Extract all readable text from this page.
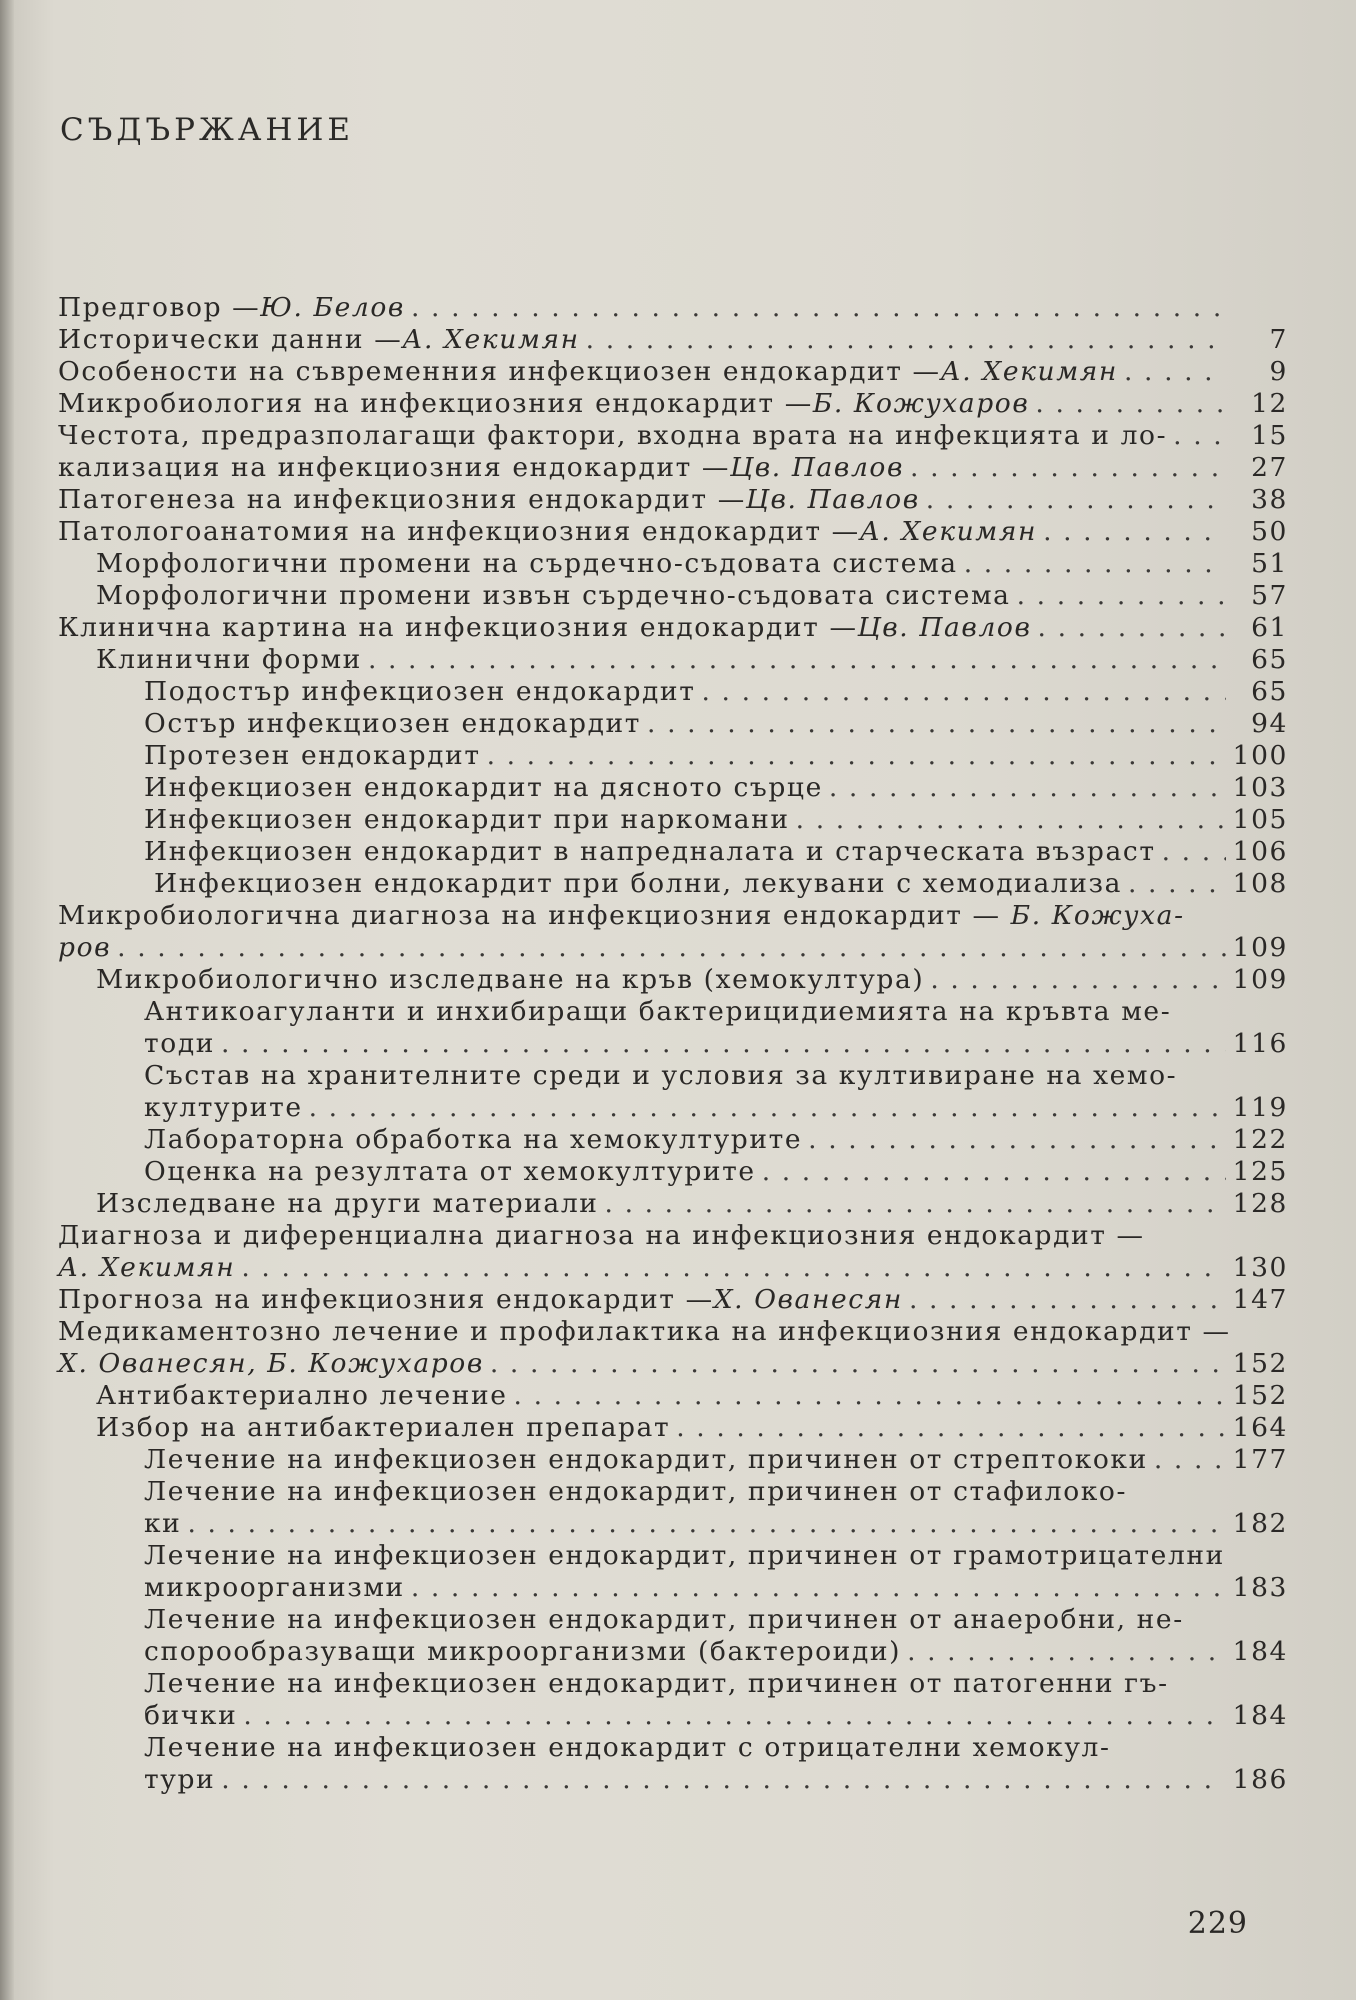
СЪДЪРЖАНИЕ
Предговор — Ю. Белов
. . .
Исторически данни — А. Хекимян . . .	7
Особености на съвременния инфекциозен ендокардит — А. Хекимян . . .	9
Микробиология на инфекциозния ендокардит — Б. Кожухаров . . .	12
Честота, предразполагащи фактори, входна врата на инфекцията и ло- . . .	15
кализация на инфекциозния ендокардит — Цв. Павлов . . .	27
Патогенеза на инфекциозния ендокардит — Цв. Павлов . . .	38
Патологоанатомия на инфекциозния ендокардит — А. Хекимян . . .	50
Морфологични промени на сърдечно-съдовата система . . .	51
Морфологични промени извън сърдечно-съдовата система . . .	57
Клинична картина на инфекциозния ендокардит — Цв. Павлов . . .	61
Клинични форми . . .	65
Подостър инфекциозен ендокардит . . .	65
Остър инфекциозен ендокардит . . .	94
Протезен ендокардит . . .	100
Инфекциозен ендокардит на дясното сърце . . .	103
Инфекциозен ендокардит при наркомани . . .	105
Инфекциозен ендокардит в напредналата и старческата възраст . . .	106
Инфекциозен ендокардит при болни, лекувани с хемодиализа . . .	108
Микробиологична диагноза на инфекциозния ендокардит — Б. Кожуха-
ров . . .	109
Микробиологично изследване на кръв (хемокултура) . . .	109
Антикоагуланти и инхибиращи бактерицидиемията на кръвта ме-
тоди . . .	116
Състав на хранителните среди и условия за култивиране на хемо-
културите . . .	119
Лабораторна обработка на хемокултурите . . .	122
Оценка на резултата от хемокултурите . . .	125
Изследване на други материали . . .	128
Диагноза и диференциална диагноза на инфекциозния ендокардит —
А. Хекимян . . .	130
Прогноза на инфекциозния ендокардит — Х. Ованесян . . .	147
Медикаментозно лечение и профилактика на инфекциозния ендокардит —
Х. Ованесян, Б. Кожухаров . . .	152
Антибактериално лечение . . .	152
Избор на антибактериален препарат . . .	164
Лечение на инфекциозен ендокардит, причинен от стрептококи . . .	177
Лечение на инфекциозен ендокардит, причинен от стафилоко-
ки . . .	182
Лечение на инфекциозен ендокардит, причинен от грамотрицателни
микроорганизми . . .	183
Лечение на инфекциозен ендокардит, причинен от анаеробни, не-
спорообразуващи микроорганизми (бактероиди) . . .	184
Лечение на инфекциозен ендокардит, причинен от патогенни гъ-
бички . . .	184
Лечение на инфекциозен ендокардит с отрицателни хемокул-
тури . . .	186
229
